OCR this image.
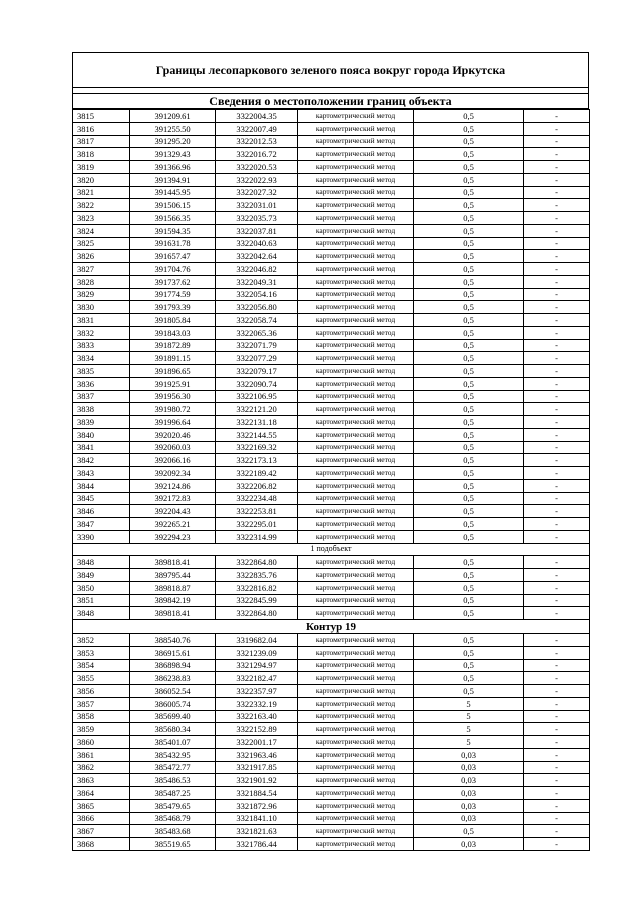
Границы лесопаркового зеленого пояса вокруг города Иркутска
Сведения о местоположении границ объекта
3815	391209.61	3322004.35	картометрический метод	0,5	-
3816	391255.50	3322007.49	картометрический метод	0,5	-
3817	391295.20	3322012.53	картометрический метод	0,5	-
3818	391329.43	3322016.72	картометрический метод	0,5	-
3819	391366.96	3322020.53	картометрический метод	0,5	-
3820	391394.91	3322022.93	картометрический метод	0,5	-
3821	391445.95	3322027.32	картометрический метод	0,5	-
3822	391506.15	3322031.01	картометрический метод	0,5	-
3823	391566.35	3322035.73	картометрический метод	0,5	-
3824	391594.35	3322037.81	картометрический метод	0,5	-
3825	391631.78	3322040.63	картометрический метод	0,5	-
3826	391657.47	3322042.64	картометрический метод	0,5	-
3827	391704.76	3322046.82	картометрический метод	0,5	-
3828	391737.62	3322049.31	картометрический метод	0,5	-
3829	391774.59	3322054.16	картометрический метод	0,5	-
3830	391793.39	3322056.80	картометрический метод	0,5	-
3831	391805.84	3322058.74	картометрический метод	0,5	-
3832	391843.03	3322065.36	картометрический метод	0,5	-
3833	391872.89	3322071.79	картометрический метод	0,5	-
3834	391891.15	3322077.29	картометрический метод	0,5	-
3835	391896.65	3322079.17	картометрический метод	0,5	-
3836	391925.91	3322090.74	картометрический метод	0,5	-
3837	391956.30	3322106.95	картометрический метод	0,5	-
3838	391980.72	3322121.20	картометрический метод	0,5	-
3839	391996.64	3322131.18	картометрический метод	0,5	-
3840	392020.46	3322144.55	картометрический метод	0,5	-
3841	392060.03	3322169.32	картометрический метод	0,5	-
3842	392066.16	3322173.13	картометрический метод	0,5	-
3843	392092.34	3322189.42	картометрический метод	0,5	-
3844	392124.86	3322206.82	картометрический метод	0,5	-
3845	392172.83	3322234.48	картометрический метод	0,5	-
3846	392204.43	3322253.81	картометрический метод	0,5	-
3847	392265.21	3322295.01	картометрический метод	0,5	-
3390	392294.23	3322314.99	картометрический метод	0,5	-
1 подобъект					
3848	389818.41	3322864.80	картометрический метод	0,5	-
3849	389795.44	3322835.76	картометрический метод	0,5	-
3850	389818.87	3322816.82	картометрический метод	0,5	-
3851	389842.19	3322845.99	картометрический метод	0,5	-
3848	389818.41	3322864.80	картометрический метод	0,5	-
Контур 19					
3852	388540.76	3319682.04	картометрический метод	0,5	-
3853	386915.61	3321239.09	картометрический метод	0,5	-
3854	386898.94	3321294.97	картометрический метод	0,5	-
3855	386238.83	3322182.47	картометрический метод	0,5	-
3856	386052.54	3322357.97	картометрический метод	0,5	-
3857	386005.74	3322332.19	картометрический метод	5	-
3858	385699.40	3322163.40	картометрический метод	5	-
3859	385680.34	3322152.89	картометрический метод	5	-
3860	385401.07	3322001.17	картометрический метод	5	-
3861	385432.95	3321963.46	картометрический метод	0,03	-
3862	385472.77	3321917.85	картометрический метод	0,03	-
3863	385486.53	3321901.92	картометрический метод	0,03	-
3864	385487.25	3321884.54	картометрический метод	0,03	-
3865	385479.65	3321872.96	картометрический метод	0,03	-
3866	385468.79	3321841.10	картометрический метод	0,03	-
3867	385483.68	3321821.63	картометрический метод	0,5	-
3868	385519.65	3321786.44	картометрический метод	0,03	-
